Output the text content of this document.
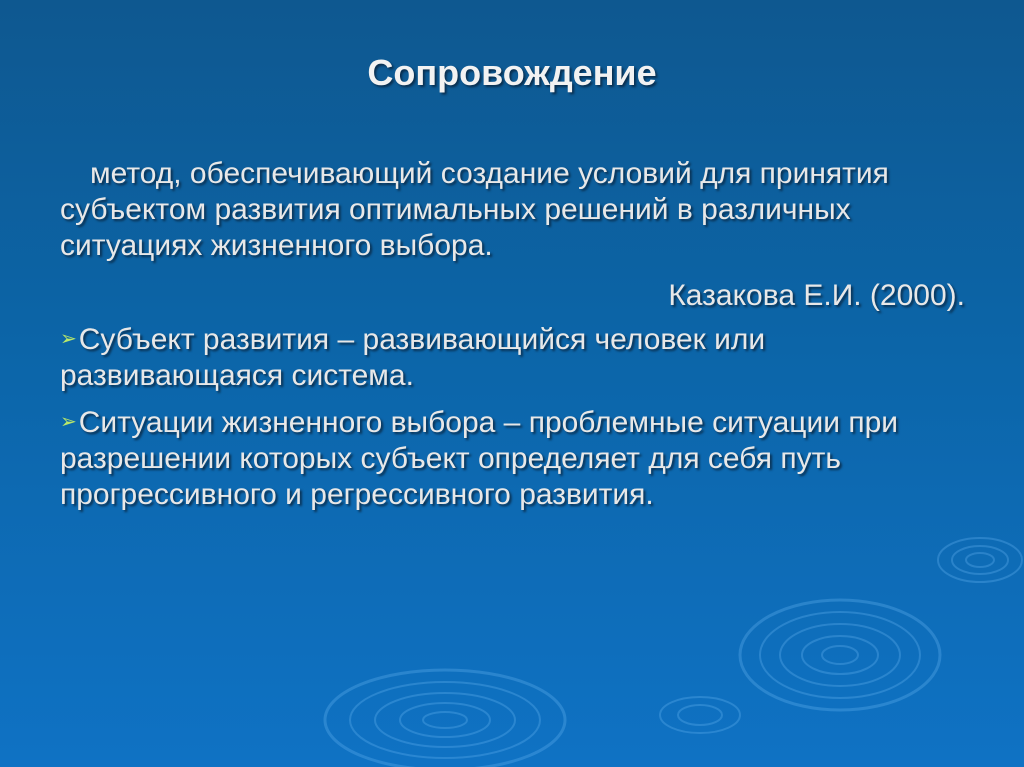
Сопровождение
метод, обеспечивающий создание условий для принятия субъектом развития оптимальных решений в различных ситуациях жизненного выбора.
Казакова Е.И. (2000).
➢Субъект развития – развивающийся человек или развивающаяся система.
➢Ситуации жизненного выбора – проблемные ситуации при разрешении которых субъект определяет для себя путь прогрессивного и регрессивного развития.
